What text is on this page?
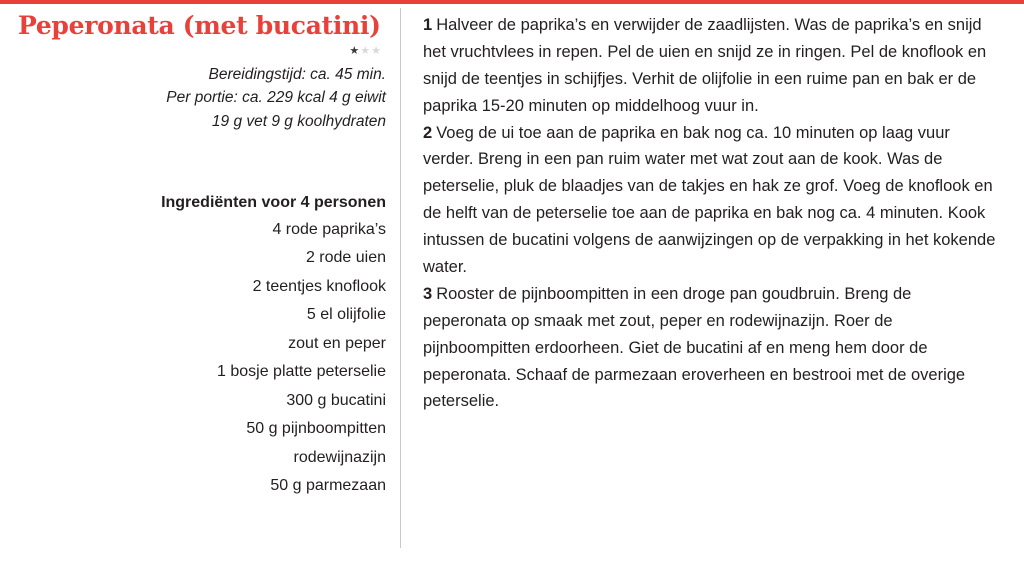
Peperonata (met bucatini)
★★★
Bereidingstijd: ca. 45 min.
Per portie: ca. 229 kcal 4 g eiwit
19 g vet 9 g koolhydraten
Ingrediënten voor 4 personen
4 rode paprika’s
2 rode uien
2 teentjes knoflook
5 el olijfolie
zout en peper
1 bosje platte peterselie
300 g bucatini
50 g pijnboompitten
rodewijnazijn
50 g parmezaan

1 Halveer de paprika’s en verwijder de zaadlijsten. Was de paprika’s en snijd het vruchtvlees in repen. Pel de uien en snijd ze in ringen. Pel de knoflook en snijd de teentjes in schijfjes. Verhit de olijfolie in een ruime pan en bak er de paprika 15-20 minuten op middelhoog vuur in.

2 Voeg de ui toe aan de paprika en bak nog ca. 10 minuten op laag vuur verder. Breng in een pan ruim water met wat zout aan de kook. Was de peterselie, pluk de blaadjes van de takjes en hak ze grof. Voeg de knoflook en de helft van de peterselie toe aan de paprika en bak nog ca. 4 minuten. Kook intussen de bucatini volgens de aanwijzingen op de verpakking in het kokende water.

3 Rooster de pijnboompitten in een droge pan goudbruin. Breng de peperonata op smaak met zout, peper en rodewijnazijn. Roer de pijnboompitten erdoorheen. Giet de bucatini af en meng hem door de peperonata. Schaaf de parmezaan eroverheen en bestrooi met de overige peterselie.
